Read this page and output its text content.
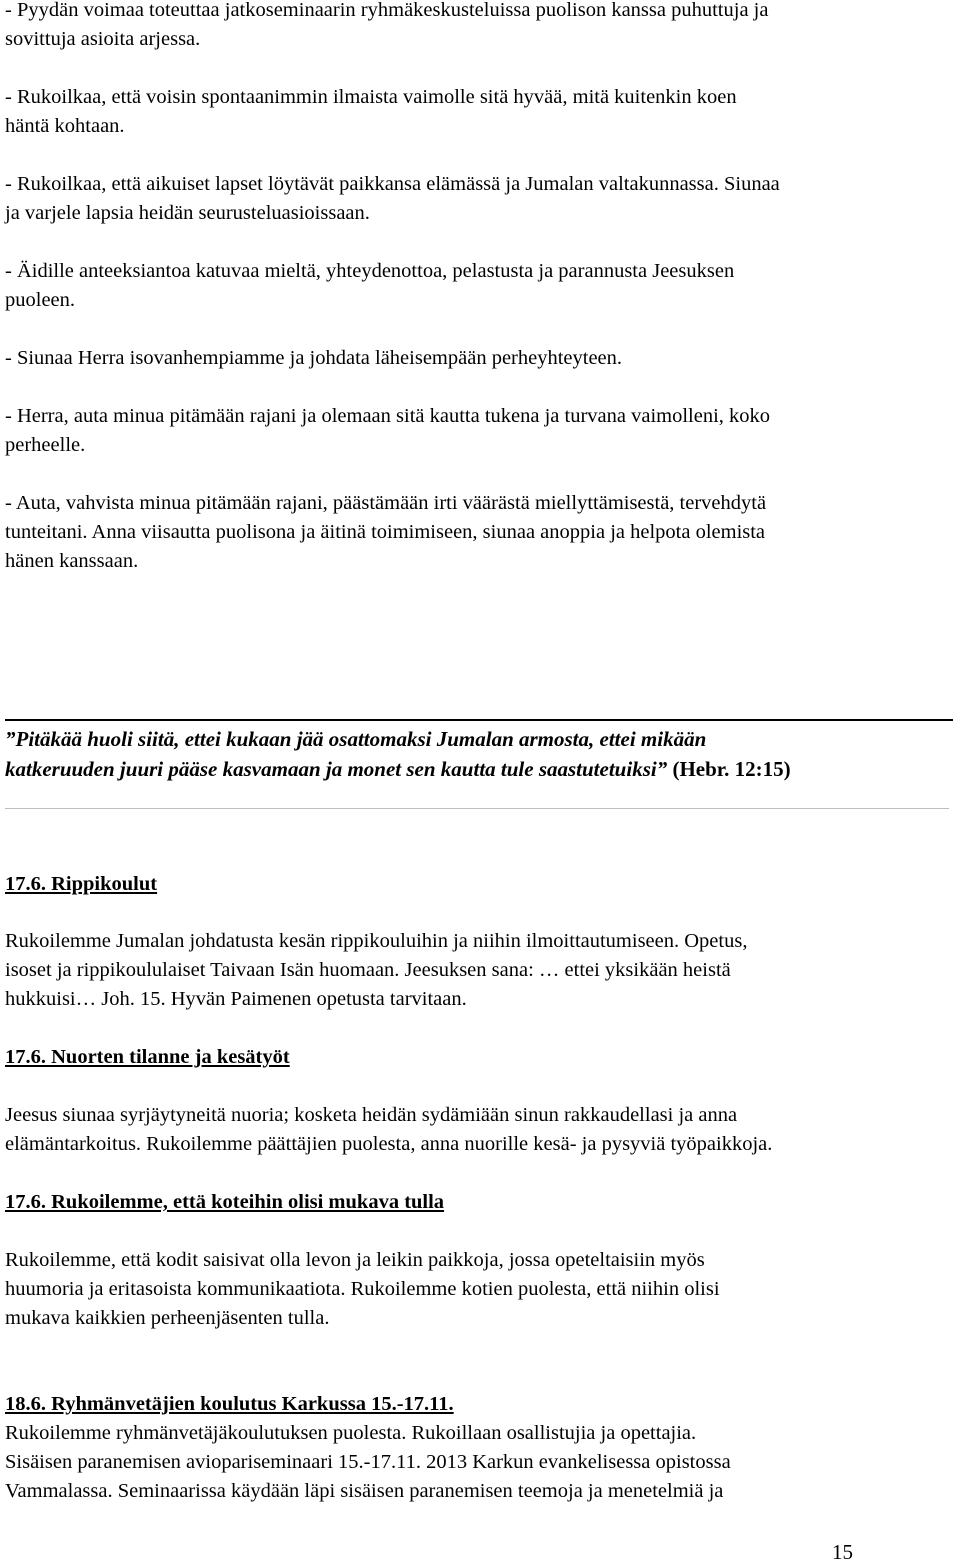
- Pyydän voimaa toteuttaa jatkoseminaarin ryhmäkeskusteluissa puolison kanssa puhuttuja ja

sovittuja asioita arjessa.

- Rukoilkaa, että voisin spontaanimmin ilmaista vaimolle sitä hyvää, mitä kuitenkin koen

häntä kohtaan.

- Rukoilkaa, että aikuiset lapset löytävät paikkansa elämässä ja Jumalan valtakunnassa. Siunaa

ja varjele lapsia heidän seurusteluasioissaan.

- Äidille anteeksiantoa katuvaa mieltä, yhteydenottoa, pelastusta ja parannusta Jeesuksen

puoleen.

- Siunaa Herra isovanhempiamme ja johdata läheisempään perheyhteyteen.

- Herra, auta minua pitämään rajani ja olemaan sitä kautta tukena ja turvana vaimolleni, koko

perheelle.

- Auta, vahvista minua pitämään rajani, päästämään irti väärästä miellyttämisestä, tervehdytä

tunteitani. Anna viisautta puolisona ja äitinä toimimiseen, siunaa anoppia ja helpota olemista

hänen kanssaan.

”Pitäkää huoli siitä, ettei kukaan jää osattomaksi Jumalan armosta, ettei mikään

katkeruuden juuri pääse kasvamaan ja monet sen kautta tule saastutetuiksi” (Hebr. 12:15)

17.6. Rippikoulut

Rukoilemme Jumalan johdatusta kesän rippikouluihin ja niihin ilmoittautumiseen. Opetus,

isoset ja rippikoululaiset Taivaan Isän huomaan. Jeesuksen sana: … ettei yksikään heistä

hukkuisi… Joh. 15. Hyvän Paimenen opetusta tarvitaan.

17.6. Nuorten tilanne ja kesätyöt

Jeesus siunaa syrjäytyneitä nuoria; kosketa heidän sydämiään sinun rakkaudellasi ja anna

elämäntarkoitus. Rukoilemme päättäjien puolesta, anna nuorille kesä- ja pysyviä työpaikkoja.

17.6. Rukoilemme, että koteihin olisi mukava tulla

Rukoilemme, että kodit saisivat olla levon ja leikin paikkoja, jossa opeteltaisiin myös

huumoria ja eritasoista kommunikaatiota. Rukoilemme kotien puolesta, että niihin olisi

mukava kaikkien perheenjäsenten tulla.

18.6. Ryhmänvetäjien koulutus Karkussa 15.-17.11.

Rukoilemme ryhmänvetäjäkoulutuksen puolesta. Rukoillaan osallistujia ja opettajia.

Sisäisen paranemisen aviopariseminaari 15.-17.11. 2013 Karkun evankelisessa opistossa

Vammalassa. Seminaarissa käydään läpi sisäisen paranemisen teemoja ja menetelmiä ja

15
